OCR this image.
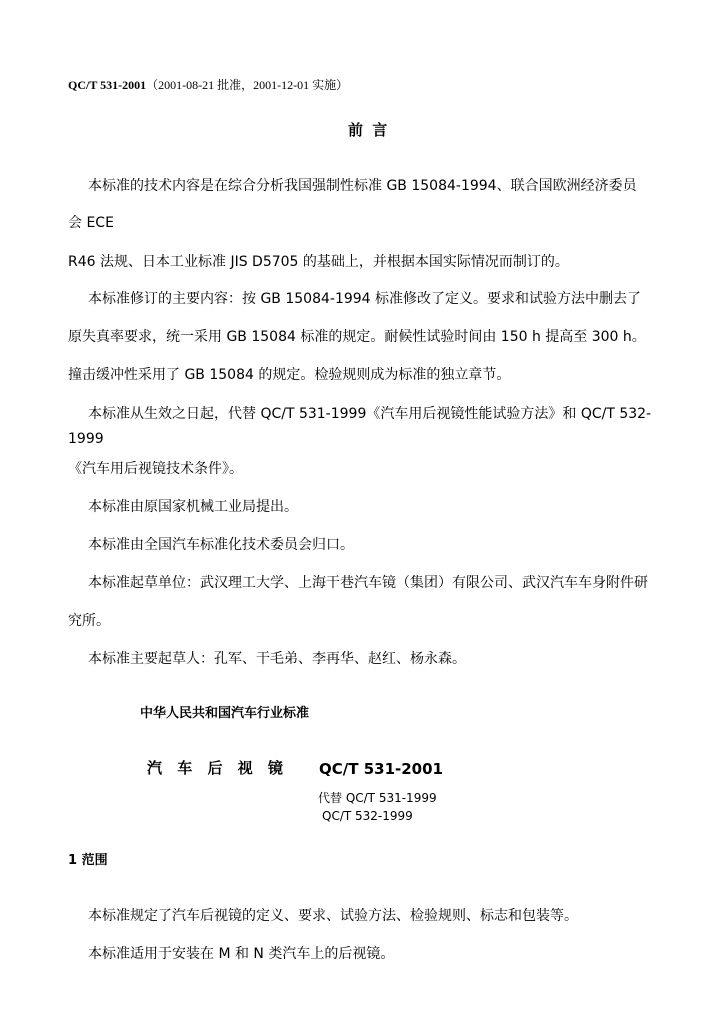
QC/T 531-2001（2001-08-21 批准，2001-12-01 实施）
前 言
本标准的技术内容是在综合分析我国强制性标准 GB 15084-1994、联合国欧洲经济委员
会 ECE
R46 法规、日本工业标准 JIS D5705 的基础上，并根据本国实际情况而制订的。
本标准修订的主要内容：按 GB 15084-1994 标准修改了定义。要求和试验方法中删去了
原失真率要求，统一采用 GB 15084 标准的规定。耐候性试验时间由 150 h 提高至 300 h。
撞击缓冲性采用了 GB 15084 的规定。检验规则成为标准的独立章节。
本标准从生效之日起，代替 QC/T 531-1999《汽车用后视镜性能试验方法》和 QC/T 532-
1999
《汽车用后视镜技术条件》。
本标准由原国家机械工业局提出。
本标准由全国汽车标准化技术委员会归口。
本标准起草单位：武汉理工大学、上海干巷汽车镜（集团）有限公司、武汉汽车车身附件研
究所。
本标准主要起草人：孔军、干毛弟、李再华、赵红、杨永森。
中华人民共和国汽车行业标准
汽 车 后 视 镜 QC/T 531-2001
代替 QC/T 531-1999
QC/T 532-1999
1 范围
本标准规定了汽车后视镜的定义、要求、试验方法、检验规则、标志和包装等。
本标准适用于安装在 M 和 N 类汽车上的后视镜。
